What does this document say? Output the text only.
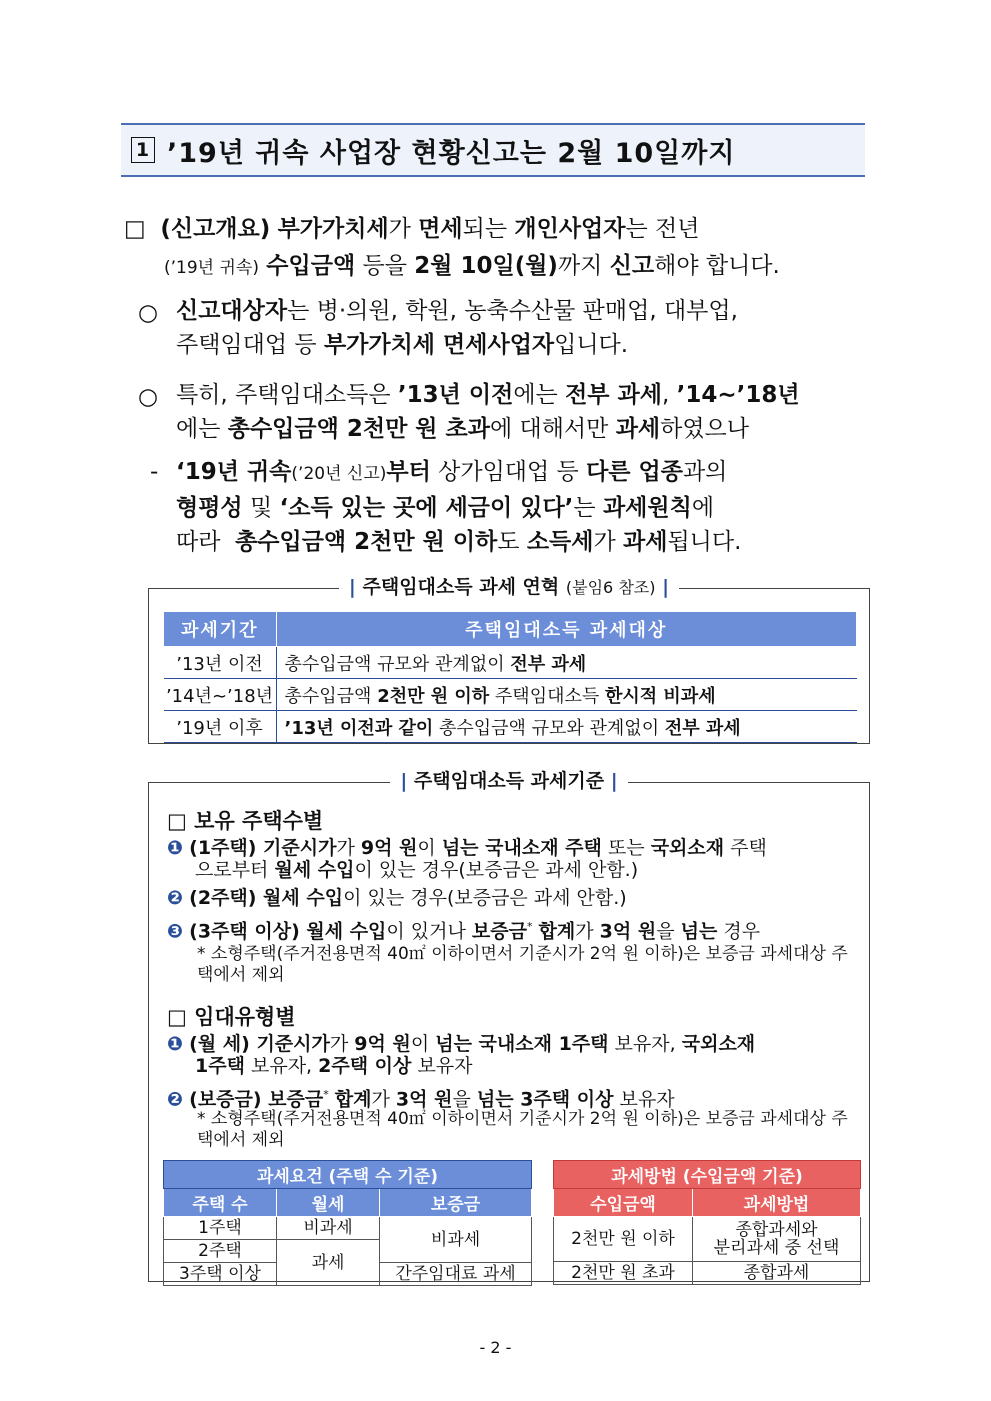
1 ’19년 귀속 사업장 현황신고는 2월 10일까지
□ (신고개요) 부가가치세가 면세되는 개인사업자는 전년
(’19년 귀속) 수입금액 등을 2월 10일(월)까지 신고해야 합니다.
○ 신고대상자는 병·의원, 학원, 농축수산물 판매업, 대부업,
주택임대업 등 부가가치세 면세사업자입니다.
○ 특히, 주택임대소득은 ’13년 이전에는 전부 과세, ’14∼’18년
에는 총수입금액 2천만 원 초과에 대해서만 과세하였으나
- ‘19년 귀속(’20년 신고)부터 상가임대업 등 다른 업종과의
형평성 및 ‘소득 있는 곳에 세금이 있다’는 과세원칙에
따라 총수입금액 2천만 원 이하도 소득세가 과세됩니다.
| 주택임대소득 과세 연혁 (붙임6 참조) |
과세기간	주택임대소득 과세대상
’13년 이전	총수입금액 규모와 관계없이 전부 과세
’14년∼’18년	총수입금액 2천만 원 이하 주택임대소득 한시적 비과세
’19년 이후	’13년 이전과 같이 총수입금액 규모와 관계없이 전부 과세
| 주택임대소득 과세기준 |
□ 보유 주택수별
❶ (1주택) 기준시가가 9억 원이 넘는 국내소재 주택 또는 국외소재 주택
으로부터 월세 수입이 있는 경우(보증금은 과세 안함.)
❷ (2주택) 월세 수입이 있는 경우(보증금은 과세 안함.)
❸ (3주택 이상) 월세 수입이 있거나 보증금* 합계가 3억 원을 넘는 경우
* 소형주택(주거전용면적 40㎡ 이하이면서 기준시가 2억 원 이하)은 보증금 과세대상 주택에서 제외
□ 임대유형별
❶ (월 세) 기준시가가 9억 원이 넘는 국내소재 1주택 보유자, 국외소재
1주택 보유자, 2주택 이상 보유자
❷ (보증금) 보증금* 합계가 3억 원을 넘는 3주택 이상 보유자
* 소형주택(주거전용면적 40㎡ 이하이면서 기준시가 2억 원 이하)은 보증금 과세대상 주택에서 제외
과세요건 (주택 수 기준)		
주택 수	월세	보증금
1주택	비과세	비과세
2주택	과세	
3주택 이상		간주임대료 과세
과세방법 (수입금액 기준)	
수입금액	과세방법
2천만 원 이하	종합과세와
분리과세 중 선택
2천만 원 초과	종합과세
- 2 -
